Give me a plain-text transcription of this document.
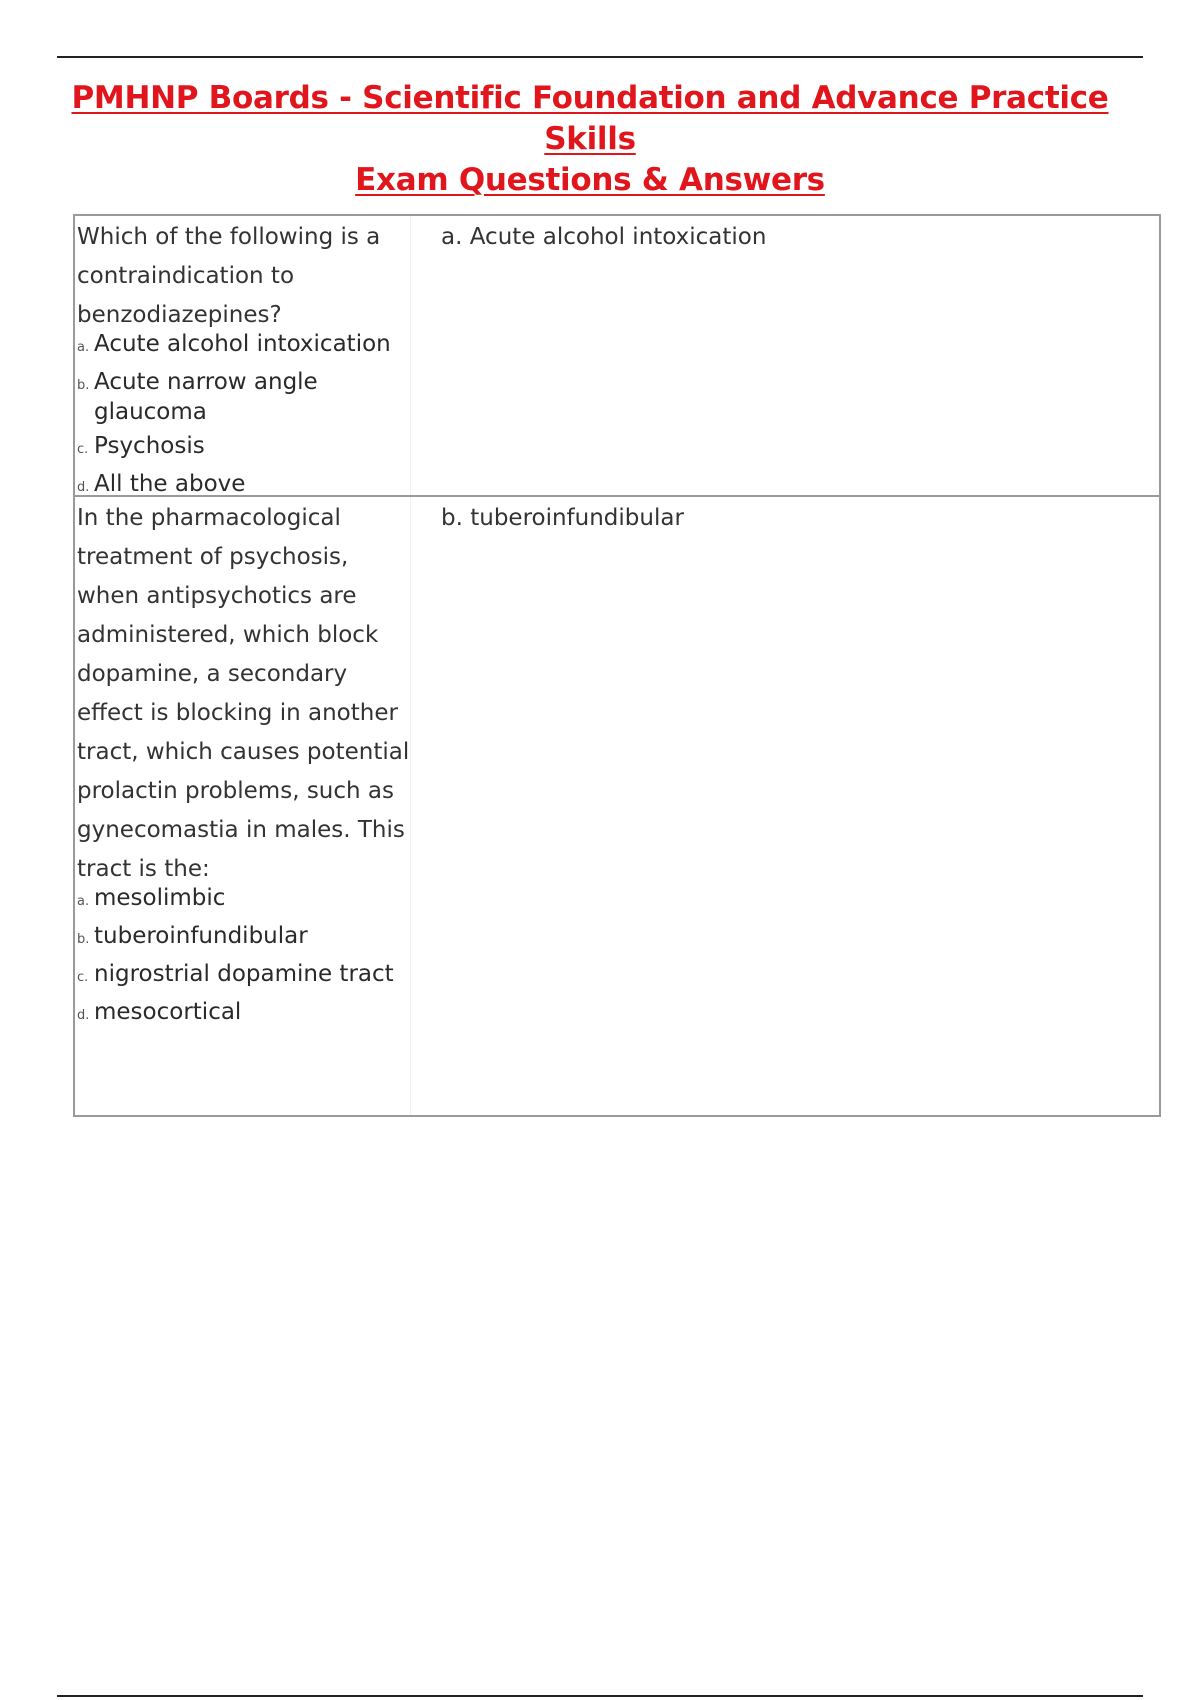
PMHNP Boards - Scientific Foundation and Advance Practice Skills
Exam Questions & Answers

Which of the following is a contraindication to benzodiazepines?

a. Acute alcohol intoxication
b. Acute narrow angle glaucoma
c. Psychosis
d. All the above

a. Acute alcohol intoxication

In the pharmacological treatment of psychosis, when antipsychotics are administered, which block dopamine, a secondary effect is blocking in another tract, which causes potential prolactin problems, such as gynecomastia in males. This tract is the:

a. mesolimbic
b. tuberoinfundibular
c. nigrostrial dopamine tract
d. mesocortical

b. tuberoinfundibular
